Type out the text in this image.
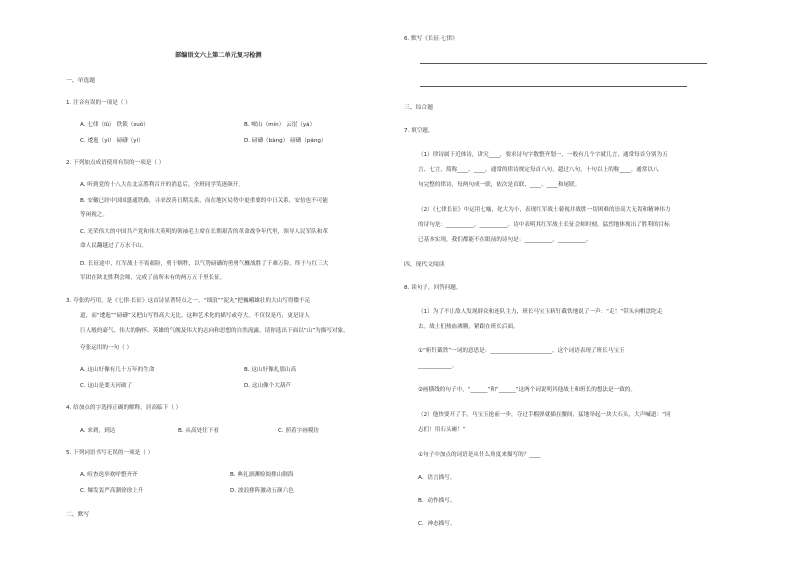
部编语文六上第二单元复习检测
一、单选题
1. 注音有误的一项是（ ）
A. 七律（lǜ） 铁锁（suǒ）	B. 岷山（mín） 云崖（yá）
C. 逶迤（yí） 磅礴（yí）	D. 磅礴（bàng） 磅礴（páng）
2. 下列加点成语使用有误的一项是（ ）
A. 听到党的十八大在北京胜利召开的消息后，全班同学笑逐颜开。
B. 安徽已经中国国盛通铁路，寻求改善日期关系，而在地区局势中更重要的中日关系，安倍也不可能
等闲视之。
C. 光荣伟大的中国共产党和伟大英明的领袖毛主席在长期艰苦的革命战争年代里，领导人民军队和革
命人民翻越过了万水千山。
D. 长征途中，红军战士不畏艰险，勇于牺牲，以气势磅礴的勇勇气概战胜了千难万险，终于与红三大
军团在陕北胜利会师，完成了前所未有的两万五千里长征。
3. 夸张的巧用，是《七律·长征》这首诗显著特点之一。“细浪”“泥丸”把巍峨雄壮的大山写得微不足
道，而“逶迤”“磅礴”又把山写得高大无比，这种艺术化的描写或夸大，不仅仅是巧，更是诗人
巨人般的豪气、伟大的胸怀、英雄的气魄及伟大的志向和思想的自然流露。请你选出下面以“山”为描写对象，
夸张运用的一句（ ）
A. 这山好像有几十万年的生命	B. 这山好像扎那山高
C. 这山是要天河破了	D. 这山像个大葫芦
4. 给加点的字选择正确的解释。居高临下（ ）
A. 来到，到达	B. 从高处往下看	C. 照着字画模仿
5. 下列词语书写无误的一项是（ ）
A. 喧杳迭举欢呼整齐齐	B. 典礼凛渊检阅排山倒海
C. 爆发轰严高潮徐徐上升	D. 波浪排阵激动五颜六色
二、默写
6. 默写《长征·七律》
三、综合题
7. 填空题。
（1）律诗属于近体诗，讲究____，要求诗句字数整齐划一，一般有几个字就几言，通常每首分别为五
言、七言，简称____、____。通常的律诗规定每首八句，超过八句，十句以上的称____。通常以八
句完整的律诗，每两句成一联，依次是首联、____、____和尾联。
（2）《七律长征》中运用七喻，化大为小，表现红军战士藐视并战胜一切困难的崇高大无畏和精神伟力
的诗句是：__________，__________。诗中表明其红军战士长征会师时刻，猛烈地体现出了胜利的目标
已基本实现，我们都能不在眼前的诗句是：__________，__________。
四、现代文阅读
8. 读句子，回答问题。
（1）为了不让敌人发现群众和连队主力，班长马宝玉斩钉截铁地说了一声：“走！”带头向棋盘陀走
去。战士们热血沸腾，紧跟在班长后面。
①“斩钉截铁”一词的意思是：______________________。这个词语表现了班长马宝玉
____________。
②画横线的句子中，“______”和“______”这两个词说明其他战士和班长的想法是一致的。
（2）他快要开了手，马宝玉抢前一步，夺过手榴弹就插在腰间，猛地举起一块大石头，大声喊道：“同
志们！用石头砸！”
①句子中加点的词语是从什么角度来描写的？____
A．语言描写。
B．动作描写。
C．神态描写。
